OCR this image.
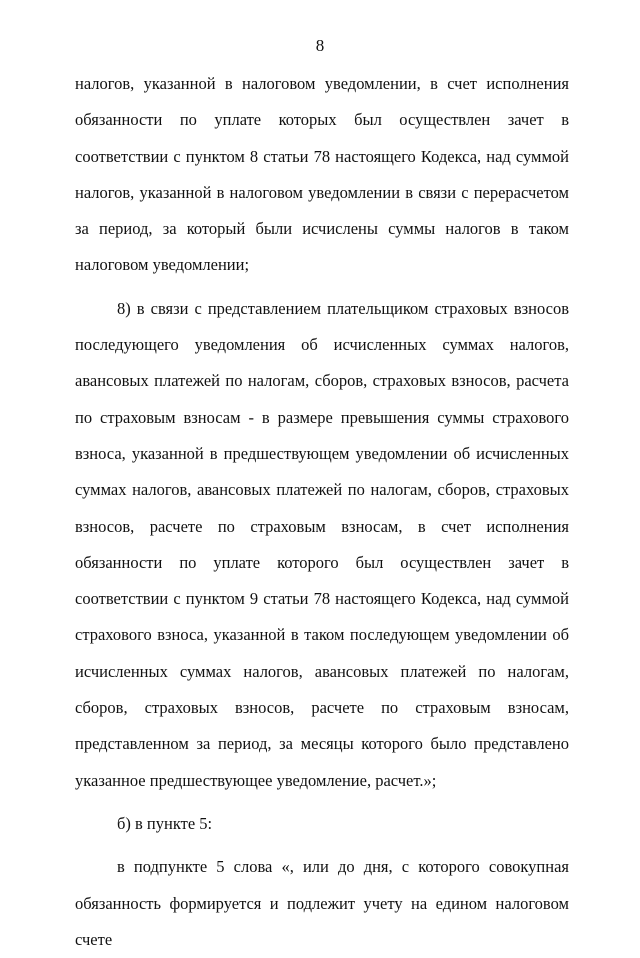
8

налогов, указанной в налоговом уведомлении, в счет исполнения обязанности по уплате которых был осуществлен зачет в соответствии с пунктом 8 статьи 78 настоящего Кодекса, над суммой налогов, указанной в налоговом уведомлении в связи с перерасчетом за период, за который были исчислены суммы налогов в таком налоговом уведомлении;

8) в связи с представлением плательщиком страховых взносов последующего уведомления об исчисленных суммах налогов, авансовых платежей по налогам, сборов, страховых взносов, расчета по страховым взносам - в размере превышения суммы страхового взноса, указанной в предшествующем уведомлении об исчисленных суммах налогов, авансовых платежей по налогам, сборов, страховых взносов, расчете по страховым взносам, в счет исполнения обязанности по уплате которого был осуществлен зачет в соответствии с пунктом 9 статьи 78 настоящего Кодекса, над суммой страхового взноса, указанной в таком последующем уведомлении об исчисленных суммах налогов, авансовых платежей по налогам, сборов, страховых взносов, расчете по страховым взносам, представленном за период, за месяцы которого было представлено указанное предшествующее уведомление, расчет.»;

б) в пункте 5:

в подпункте 5 слова «, или до дня, с которого совокупная обязанность формируется и подлежит учету на едином налоговом счете
